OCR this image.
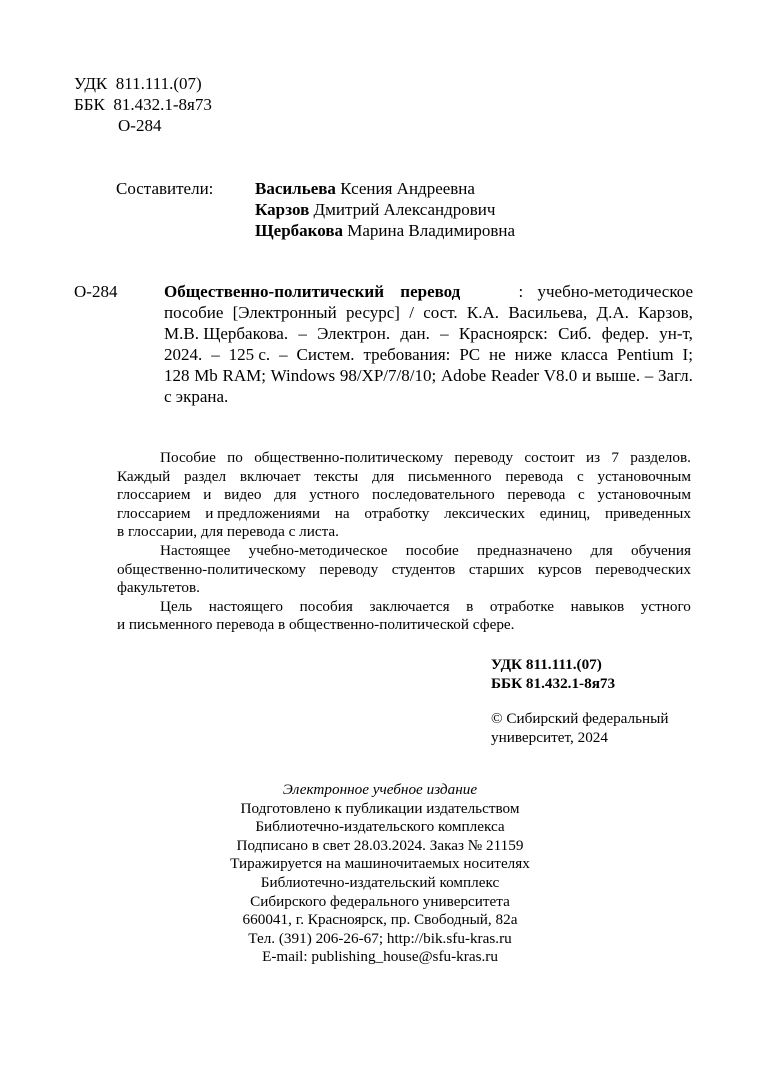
УДК  811.111.(07)
ББК  81.432.1-8я73
О-284
Составители: Васильева Ксения Андреевна
Карзов Дмитрий Александрович
Щербакова Марина Владимировна
О-284	Общественно-политический перевод	: учебно-методическое
пособие [Электронный ресурс] / сост. К.А. Васильева, Д.А. Карзов,
М.В. Щербакова. – Электрон. дан. – Красноярск: Сиб. федер. ун-т,
2024. – 125 с. – Систем. требования: PC не ниже класса Pentium I;
128 Mb RAM; Windows 98/XP/7/8/10; Adobe Reader V8.0 и выше. – Загл.
с экрана.
Пособие по общественно-политическому переводу состоит из 7 разделов.
Каждый раздел включает тексты для письменного перевода с установочным
глоссарием и видео для устного последовательного перевода с установочным
глоссарием и предложениями на отработку лексических единиц, приведенных
в глоссарии, для перевода с листа.
Настоящее учебно-методическое пособие предназначено для обучения
общественно-политическому переводу студентов старших курсов переводческих
факультетов.
Цель настоящего пособия заключается в отработке навыков устного
и письменного перевода в общественно-политической сфере.
УДК 811.111.(07)
ББК 81.432.1-8я73
© Сибирский федеральный
университет, 2024
Электронное учебное издание
Подготовлено к публикации издательством
Библиотечно-издательского комплекса
Подписано в свет 28.03.2024. Заказ № 21159
Тиражируется на машиночитаемых носителях
Библиотечно-издательский комплекс
Сибирского федерального университета
660041, г. Красноярск, пр. Свободный, 82а
Тел. (391) 206-26-67; http://bik.sfu-kras.ru
E-mail: publishing_house@sfu-kras.ru
